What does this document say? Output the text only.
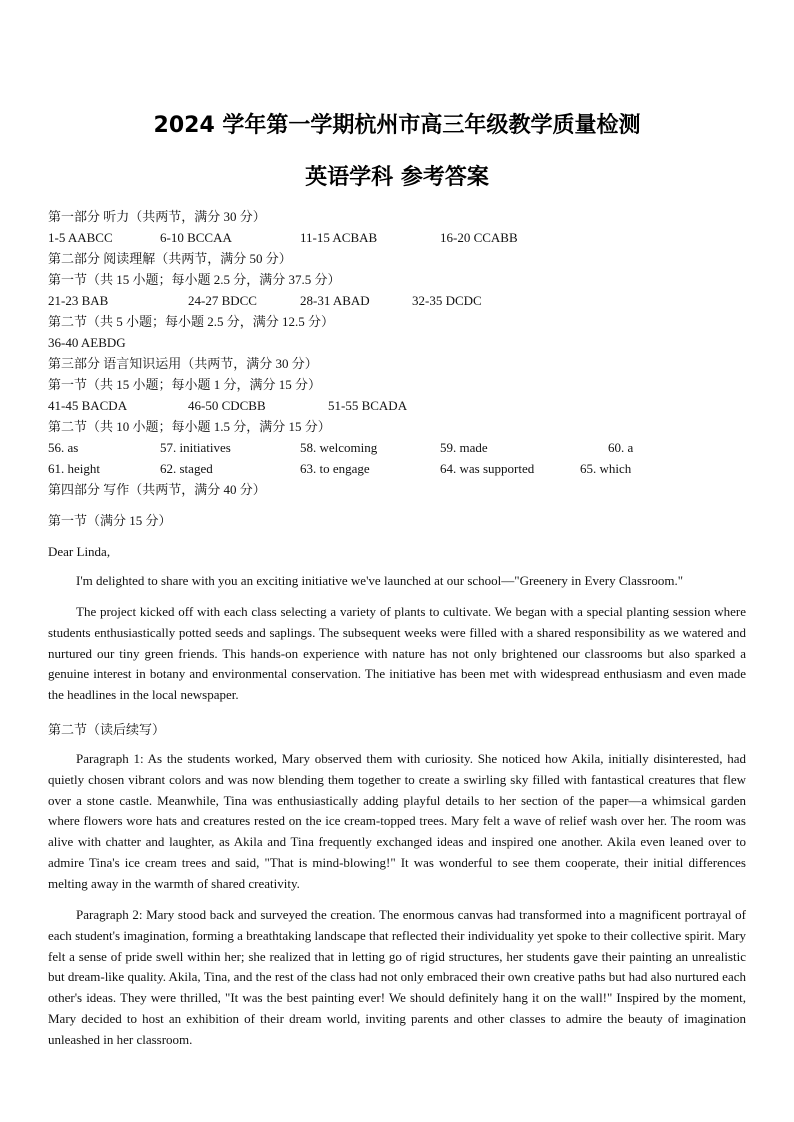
2024 学年第一学期杭州市高三年级教学质量检测
英语学科 参考答案
第一部分 听力（共两节，满分 30 分）
1-5 AABCC	6-10 BCCAA	11-15 ACBAB	16-20 CCABB
第二部分 阅读理解（共两节，满分 50 分）
第一节（共 15 小题；每小题 2.5 分，满分 37.5 分）
21-23 BAB	24-27 BDCC	28-31 ABAD	32-35 DCDC
第二节（共 5 小题；每小题 2.5 分，满分 12.5 分）
36-40 AEBDG
第三部分 语言知识运用（共两节，满分 30 分）
第一节（共 15 小题；每小题 1 分，满分 15 分）
41-45 BACDA	46-50 CDCBB	51-55 BCADA
第二节（共 10 小题；每小题 1.5 分，满分 15 分）
56. as	57. initiatives	58. welcoming	59. made	60. a
61. height	62. staged	63. to engage	64. was supported	65. which
第四部分 写作（共两节，满分 40 分）
第一节（满分 15 分）
Dear Linda,
I'm delighted to share with you an exciting initiative we've launched at our school—"Greenery in Every Classroom."
The project kicked off with each class selecting a variety of plants to cultivate. We began with a special planting session where students enthusiastically potted seeds and saplings. The subsequent weeks were filled with a shared responsibility as we watered and nurtured our tiny green friends. This hands-on experience with nature has not only brightened our classrooms but also sparked a genuine interest in botany and environmental conservation. The initiative has been met with widespread enthusiasm and even made the headlines in the local newspaper.
第二节（读后续写）
Paragraph 1: As the students worked, Mary observed them with curiosity. She noticed how Akila, initially disinterested, had quietly chosen vibrant colors and was now blending them together to create a swirling sky filled with fantastical creatures that flew over a stone castle. Meanwhile, Tina was enthusiastically adding playful details to her section of the paper—a whimsical garden where flowers wore hats and creatures rested on the ice cream-topped trees. Mary felt a wave of relief wash over her. The room was alive with chatter and laughter, as Akila and Tina frequently exchanged ideas and inspired one another. Akila even leaned over to admire Tina's ice cream trees and said, "That is mind-blowing!" It was wonderful to see them cooperate, their initial differences melting away in the warmth of shared creativity.
Paragraph 2: Mary stood back and surveyed the creation. The enormous canvas had transformed into a magnificent portrayal of each student's imagination, forming a breathtaking landscape that reflected their individuality yet spoke to their collective spirit. Mary felt a sense of pride swell within her; she realized that in letting go of rigid structures, her students gave their painting an unrealistic but dream-like quality. Akila, Tina, and the rest of the class had not only embraced their own creative paths but had also nurtured each other's ideas. They were thrilled, "It was the best painting ever! We should definitely hang it on the wall!" Inspired by the moment, Mary decided to host an exhibition of their dream world, inviting parents and other classes to admire the beauty of imagination unleashed in her classroom.
